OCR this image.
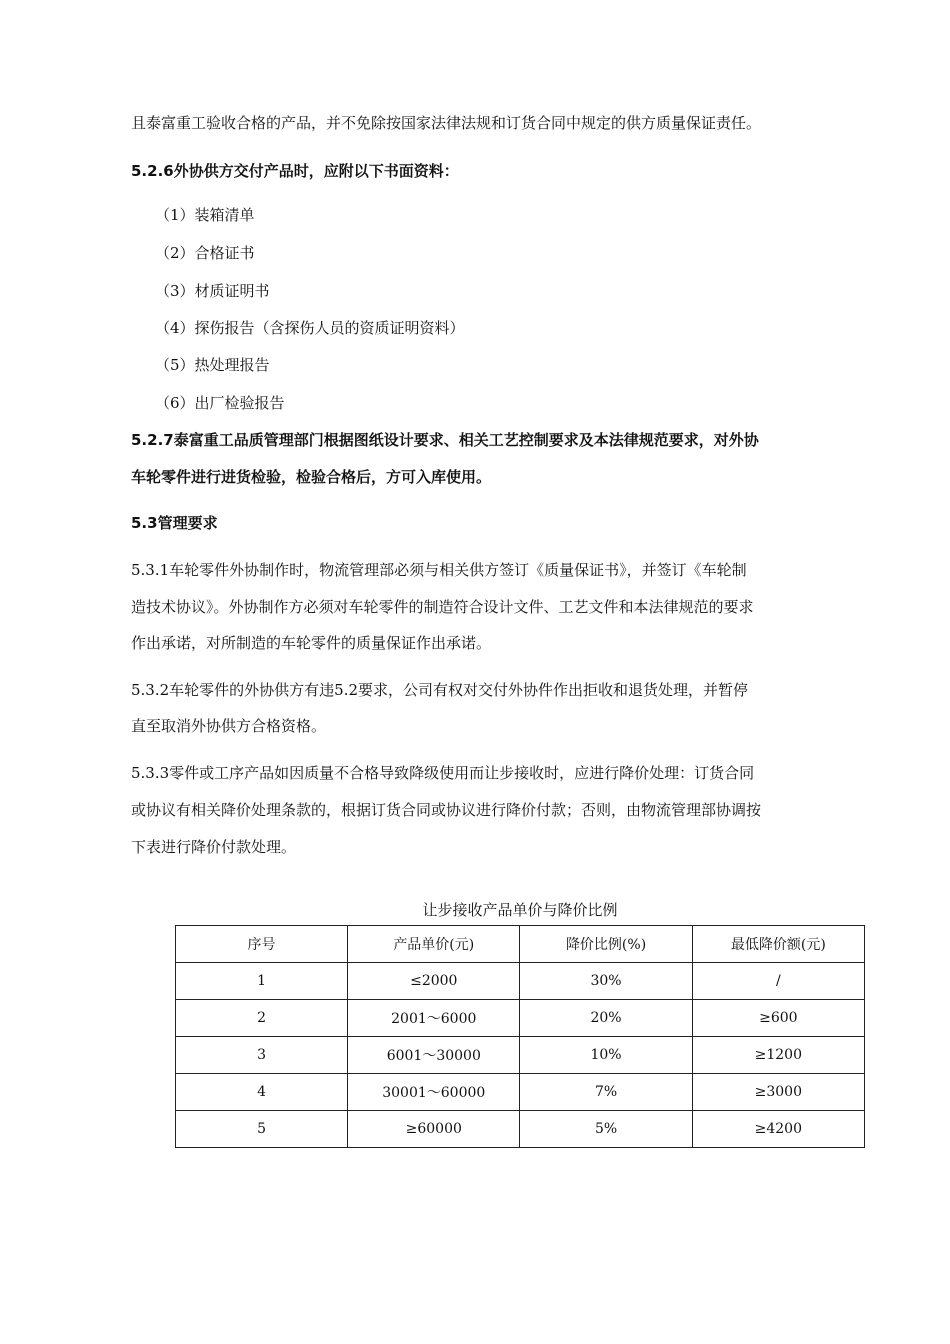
且泰富重工验收合格的产品，并不免除按国家法律法规和订货合同中规定的供方质量保证责任。
5.2.6外协供方交付产品时，应附以下书面资料：
（1）装箱清单
（2）合格证书
（3）材质证明书
（4）探伤报告（含探伤人员的资质证明资料）
（5）热处理报告
（6）出厂检验报告
5.2.7泰富重工品质管理部门根据图纸设计要求、相关工艺控制要求及本法律规范要求，对外协
车轮零件进行进货检验，检验合格后，方可入库使用。
5.3管理要求
5.3.1车轮零件外协制作时，物流管理部必须与相关供方签订《质量保证书》，并签订《车轮制
造技术协议》。外协制作方必须对车轮零件的制造符合设计文件、工艺文件和本法律规范的要求
作出承诺，对所制造的车轮零件的质量保证作出承诺。
5.3.2车轮零件的外协供方有违5.2要求，公司有权对交付外协件作出拒收和退货处理，并暂停
直至取消外协供方合格资格。
5.3.3零件或工序产品如因质量不合格导致降级使用而让步接收时，应进行降价处理：订货合同
或协议有相关降价处理条款的，根据订货合同或协议进行降价付款；否则，由物流管理部协调按
下表进行降价付款处理。
让步接收产品单价与降价比例
序号	产品单价(元)	降价比例(%)	最低降价额(元)
1	≤2000	30%	/
2	2001～6000	20%	≥600
3	6001～30000	10%	≥1200
4	30001～60000	7%	≥3000
5	≥60000	5%	≥4200
